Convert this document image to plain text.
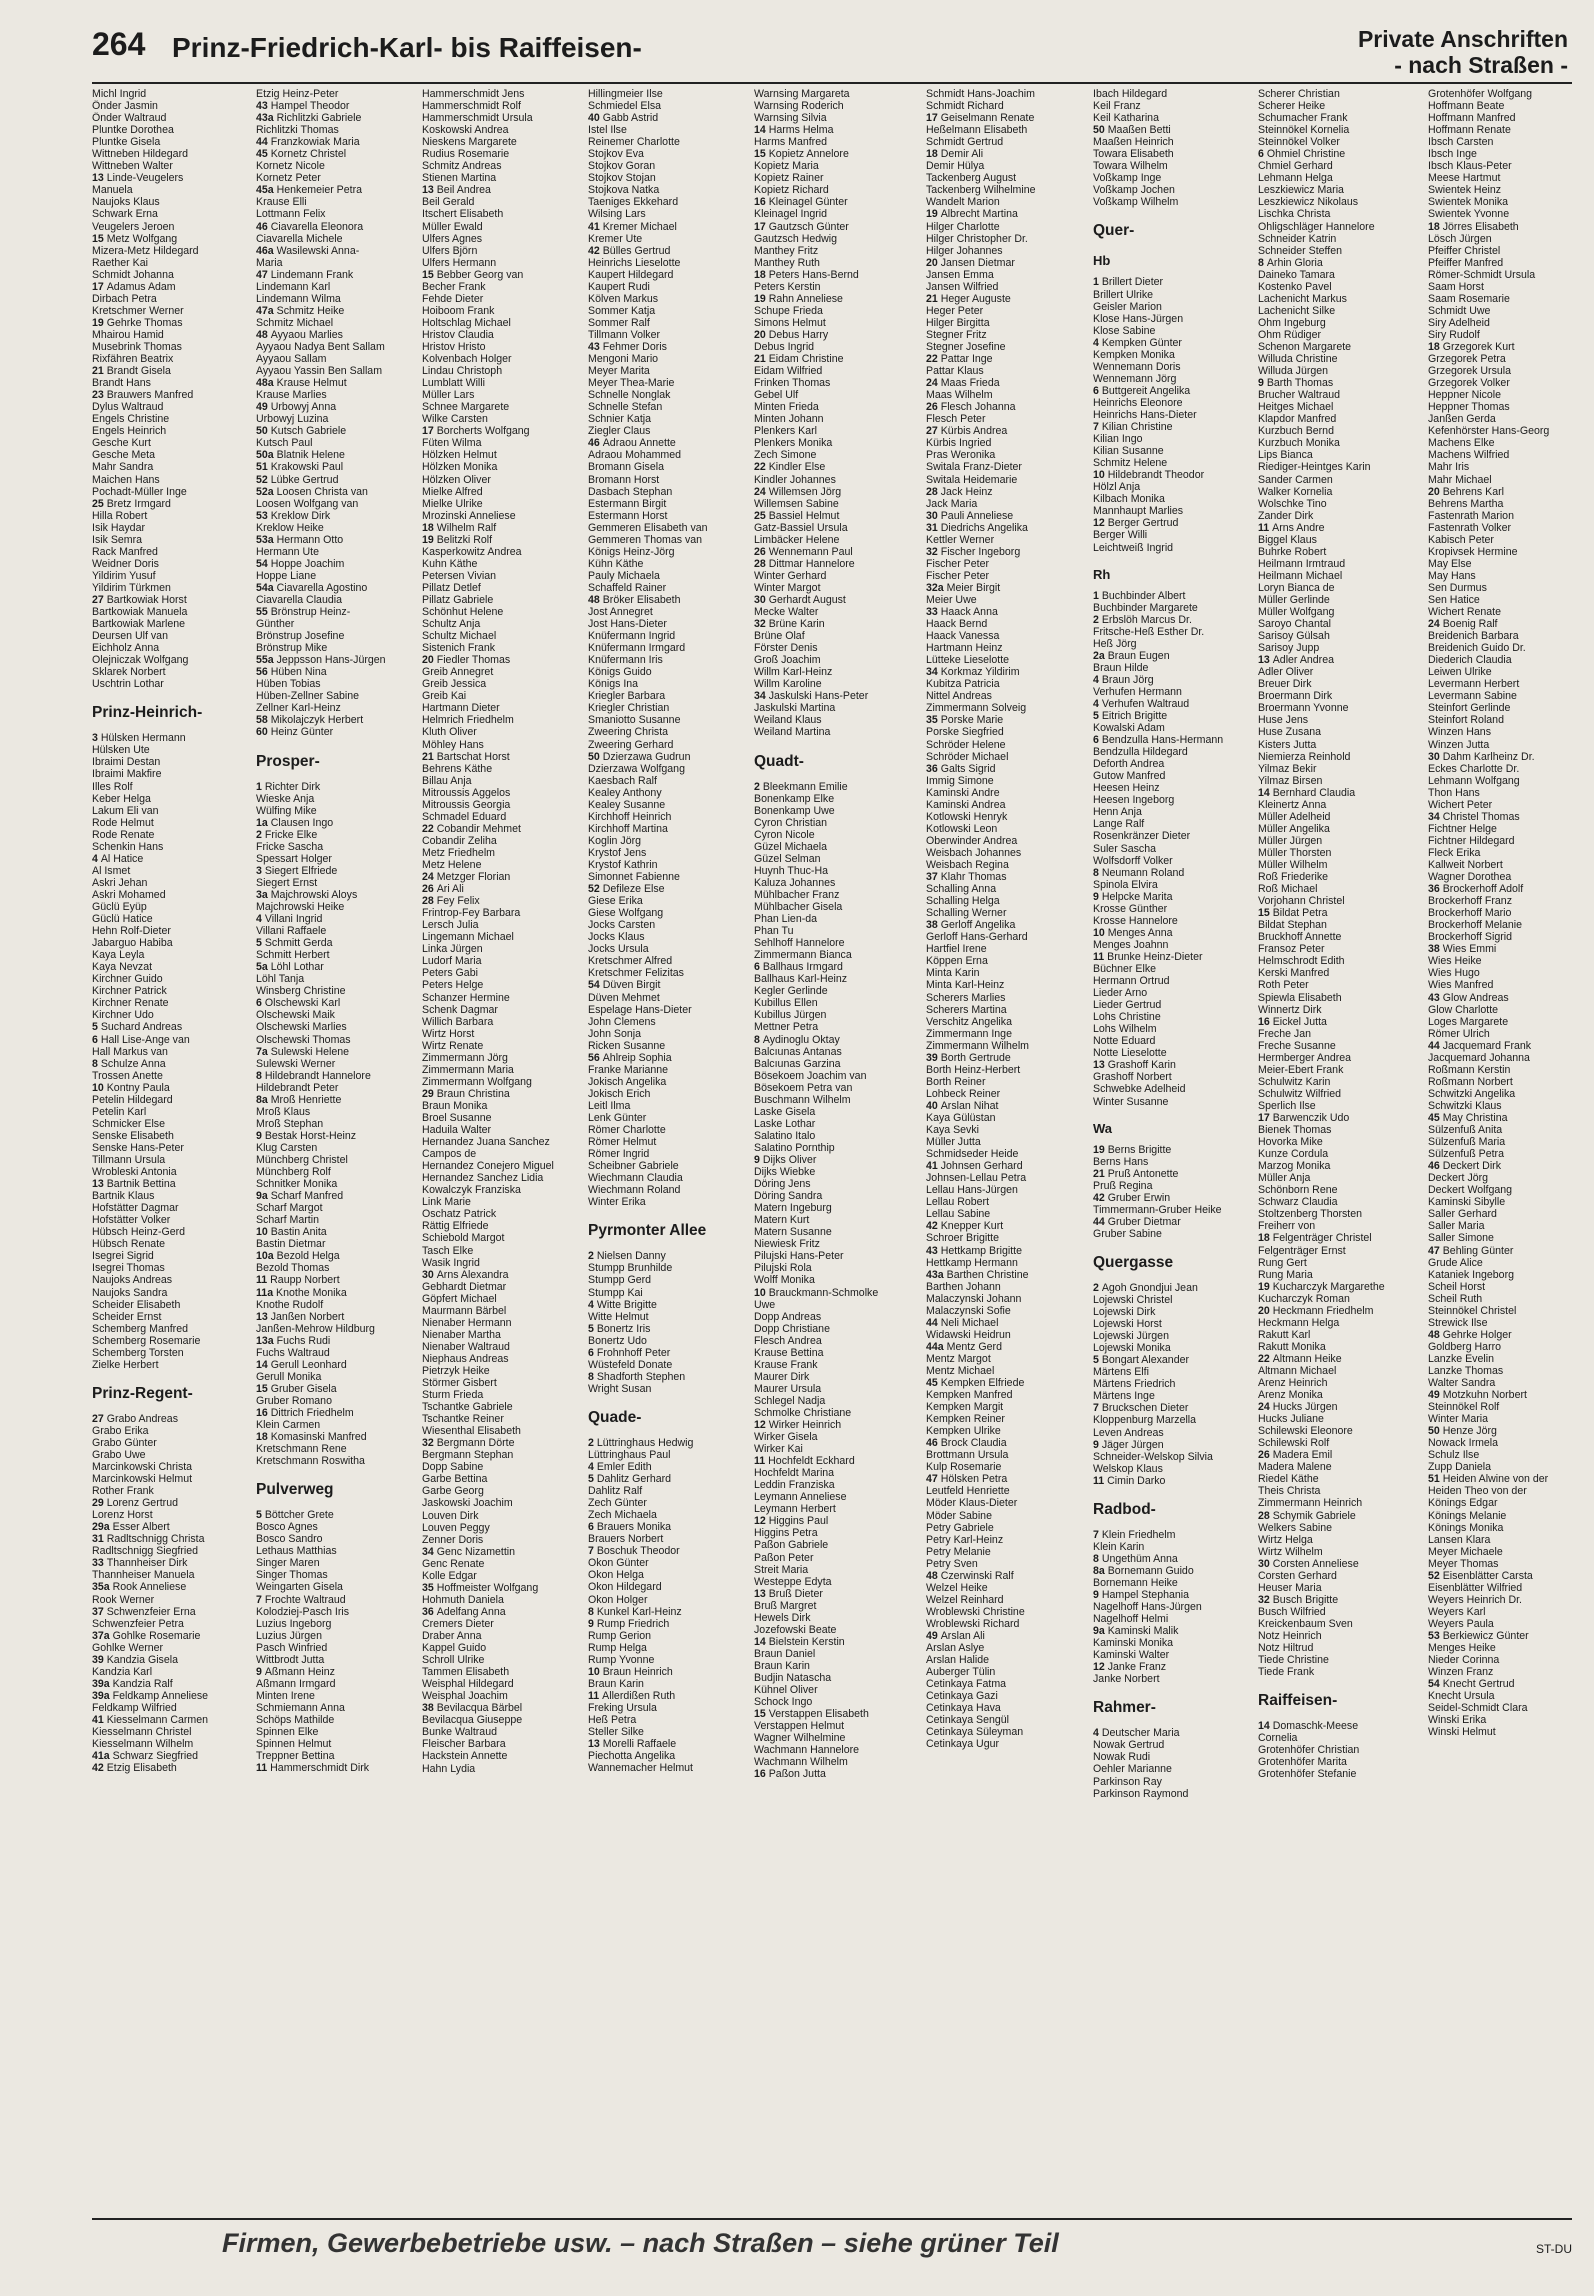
264 Prinz-Friedrich-Karl- bis Raiffeisen-	Private Anschriften
- nach Straßen -
Michl Ingrid
Önder Jasmin
Önder Waltraud
Pluntke Dorothea
Pluntke Gisela
Wittneben Hildegard
Wittneben Walter
13 Linde-Veugelers
Manuela
Naujoks Klaus
Schwark Erna
Veugelers Jeroen
15 Metz Wolfgang
Mizera-Metz Hildegard
Raether Kai
Schmidt Johanna
17 Adamus Adam
Dirbach Petra
Kretschmer Werner
19 Gehrke Thomas
Mhairou Hamid
Musebrink Thomas
Rixfähren Beatrix
21 Brandt Gisela
Brandt Hans
23 Brauwers Manfred
Dylus Waltraud
Engels Christine
Engels Heinrich
Gesche Kurt
Gesche Meta
Mahr Sandra
Maichen Hans
Pochadt-Müller Inge
25 Bretz Irmgard
Hilla Robert
Isik Haydar
Isik Semra
Rack Manfred
Weidner Doris
Yildirim Yusuf
Yildirim Türkmen
27 Bartkowiak Horst
Bartkowiak Manuela
Bartkowiak Marlene
Deursen Ulf van
Eichholz Anna
Olejniczak Wolfgang
Sklarek Norbert
Uschtrin Lothar
Prinz-Heinrich-
3 Hülsken Hermann
Hülsken Ute
Ibraimi Destan
Ibraimi Makfire
Illes Rolf
Keber Helga
Lakum Eli van
Rode Helmut
Rode Renate
Schenkin Hans
4 Al Hatice
Al Ismet
Askri Jehan
Askri Mohamed
Güclü Eyüp
Güclü Hatice
Hehn Rolf-Dieter
Jabarguo Habiba
Kaya Leyla
Kaya Nevzat
Kirchner Guido
Kirchner Patrick
Kirchner Renate
Kirchner Udo
5 Suchard Andreas
6 Hall Lise-Ange van
Hall Markus van
8 Schulze Anna
Trossen Anette
10 Kontny Paula
Petelin Hildegard
Petelin Karl
Schmicker Else
Senske Elisabeth
Senske Hans-Peter
Tillmann Ursula
Wrobleski Antonia
13 Bartnik Bettina
Bartnik Klaus
Hofstätter Dagmar
Hofstätter Volker
Hübsch Heinz-Gerd
Hübsch Renate
Isegrei Sigrid
Isegrei Thomas
Naujoks Andreas
Naujoks Sandra
Scheider Elisabeth
Scheider Ernst
Schemberg Manfred
Schemberg Rosemarie
Schemberg Torsten
Zielke Herbert
Prinz-Regent-
27 Grabo Andreas
Grabo Erika
Grabo Günter
Grabo Uwe
Marcinkowski Christa
Marcinkowski Helmut
Rother Frank
29 Lorenz Gertrud
Lorenz Horst
29a Esser Albert
31 Radltschnigg Christa
Radltschnigg Siegfried
33 Thannheiser Dirk
Thannheiser Manuela
35a Rook Anneliese
Rook Werner
37 Schwenzfeier Erna
Schwenzfeier Petra
37a Gohlke Rosemarie
Gohlke Werner
39 Kandzia Gisela
Kandzia Karl
39a Kandzia Ralf
39a Feldkamp Anneliese
Feldkamp Wilfried
41 Kiesselmann Carmen
Kiesselmann Christel
Kiesselmann Wilhelm
41a Schwarz Siegfried
42 Etzig Elisabeth
Etzig Heinz-Peter
43 Hampel Theodor
43a Richlitzki Gabriele
Richlitzki Thomas
44 Franzkowiak Maria
45 Kornetz Christel
Kornetz Nicole
Kornetz Peter
45a Henkemeier Petra
Krause Elli
Lottmann Felix
46 Ciavarella Eleonora
Ciavarella Michele
46a Wasilewski Anna-
Maria
47 Lindemann Frank
Lindemann Karl
Lindemann Wilma
47a Schmitz Heike
Schmitz Michael
48 Ayyaou Marlies
Ayyaou Nadya Bent Sallam
Ayyaou Sallam
Ayyaou Yassin Ben Sallam
48a Krause Helmut
Krause Marlies
49 Urbowyj Anna
Urbowyj Luzina
50 Kutsch Gabriele
Kutsch Paul
50a Blatnik Helene
51 Krakowski Paul
52 Lübke Gertrud
52a Loosen Christa van
Loosen Wolfgang van
53 Kreklow Dirk
Kreklow Heike
53a Hermann Otto
Hermann Ute
54 Hoppe Joachim
Hoppe Liane
54a Ciavarella Agostino
Ciavarella Claudia
55 Brönstrup Heinz-
Günther
Brönstrup Josefine
Brönstrup Mike
55a Jeppsson Hans-Jürgen
56 Hüben Nina
Hüben Tobias
Hüben-Zellner Sabine
Zellner Karl-Heinz
58 Mikolajczyk Herbert
60 Heinz Günter
Prosper-
1 Richter Dirk
Wieske Anja
Wülfing Mike
1a Clausen Ingo
2 Fricke Elke
Fricke Sascha
Spessart Holger
3 Siegert Elfriede
Siegert Ernst
3a Majchrowski Aloys
Majchrowski Heike
4 Villani Ingrid
Villani Raffaele
5 Schmitt Gerda
Schmitt Herbert
5a Löhl Lothar
Löhl Tanja
Winsberg Christine
6 Olschewski Karl
Olschewski Maik
Olschewski Marlies
Olschewski Thomas
7a Sulewski Helene
Sulewski Werner
8 Hildebrandt Hannelore
Hildebrandt Peter
8a Mroß Henriette
Mroß Klaus
Mroß Stephan
9 Bestak Horst-Heinz
Klug Carsten
Münchberg Christel
Münchberg Rolf
Schnitker Monika
9a Scharf Manfred
Scharf Margot
Scharf Martin
10 Bastin Anita
Bastin Dietmar
10a Bezold Helga
Bezold Thomas
11 Raupp Norbert
11a Knothe Monika
Knothe Rudolf
13 Janßen Norbert
Janßen-Mehrow Hildburg
13a Fuchs Rudi
Fuchs Waltraud
14 Gerull Leonhard
Gerull Monika
15 Gruber Gisela
Gruber Romano
16 Dittrich Friedhelm
Klein Carmen
18 Komasinski Manfred
Kretschmann Rene
Kretschmann Roswitha
Pulverweg
5 Böttcher Grete
Bosco Agnes
Bosco Sandro
Lethaus Matthias
Singer Maren
Singer Thomas
Weingarten Gisela
7 Frochte Waltraud
Kolodziej-Pasch Iris
Luzius Ingeborg
Luzius Jürgen
Pasch Winfried
Wittbrodt Jutta
9 Aßmann Heinz
Aßmann Irmgard
Minten Irene
Schmiemann Anna
Schöps Mathilde
Spinnen Elke
Spinnen Helmut
Treppner Bettina
11 Hammerschmidt Dirk
Hammerschmidt Jens
Hammerschmidt Rolf
Hammerschmidt Ursula
Koskowski Andrea
Nieskens Margarete
Rudius Rosemarie
Schmitz Andreas
Stienen Martina
13 Beil Andrea
Beil Gerald
Itschert Elisabeth
Müller Ewald
Ulfers Agnes
Ulfers Björn
Ulfers Hermann
15 Bebber Georg van
Becher Frank
Fehde Dieter
Hoiboom Frank
Holtschlag Michael
Hristov Claudia
Hristov Hristo
Kolvenbach Holger
Lindau Christoph
Lumblatt Willi
Müller Lars
Schnee Margarete
Wilke Carsten
17 Borcherts Wolfgang
Füten Wilma
Hölzken Helmut
Hölzken Monika
Hölzken Oliver
Mielke Alfred
Mielke Ulrike
Mrozinski Anneliese
18 Wilhelm Ralf
19 Belitzki Rolf
Kasperkowitz Andrea
Kuhn Käthe
Petersen Vivian
Pillatz Detlef
Pillatz Gabriele
Schönhut Helene
Schultz Anja
Schultz Michael
Sistenich Frank
20 Fiedler Thomas
Greib Annegret
Greib Jessica
Greib Kai
Hartmann Dieter
Helmrich Friedhelm
Kluth Oliver
Möhley Hans
21 Bartschat Horst
Behrens Käthe
Billau Anja
Mitroussis Aggelos
Mitroussis Georgia
Schmadel Eduard
22 Cobandir Mehmet
Cobandir Zeliha
Metz Friedhelm
Metz Helene
24 Metzger Florian
26 Ari Ali
28 Fey Felix
Frintrop-Fey Barbara
Lersch Julia
Lingemann Michael
Linka Jürgen
Ludorf Maria
Peters Gabi
Peters Helge
Schanzer Hermine
Schenk Dagmar
Willich Barbara
Wirtz Horst
Wirtz Renate
Zimmermann Jörg
Zimmermann Maria
Zimmermann Wolfgang
29 Braun Christina
Braun Monika
Broel Susanne
Haduila Walter
Hernandez Juana Sanchez
Campos de
Hernandez Conejero Miguel
Hernandez Sanchez Lidia
Kowalczyk Franziska
Link Marie
Oschatz Patrick
Rättig Elfriede
Schiebold Margot
Tasch Elke
Wasik Ingrid
30 Arns Alexandra
Gebhardt Dietmar
Göpfert Michael
Maurmann Bärbel
Nienaber Hermann
Nienaber Martha
Nienaber Waltraud
Niephaus Andreas
Pietrzyk Heike
Störmer Gisbert
Sturm Frieda
Tschantke Gabriele
Tschantke Reiner
Wiesenthal Elisabeth
32 Bergmann Dörte
Bergmann Stephan
Dopp Sabine
Garbe Bettina
Garbe Georg
Jaskowski Joachim
Louven Dirk
Louven Peggy
Zenner Doris
34 Genc Nizamettin
Genc Renate
Kolle Edgar
35 Hoffmeister Wolfgang
Hohmuth Daniela
36 Adelfang Anna
Cremers Dieter
Draber Anna
Kappel Guido
Schroll Ulrike
Tammen Elisabeth
Weisphal Hildegard
Weisphal Joachim
38 Bevilacqua Bärbel
Bevilacqua Giuseppe
Bunke Waltraud
Fleischer Barbara
Hackstein Annette
Hahn Lydia
Hillingmeier Ilse
Schmiedel Elsa
40 Gabb Astrid
Istel Ilse
Reinemer Charlotte
Stojkov Eva
Stojkov Goran
Stojkov Stojan
Stojkova Natka
Taeniges Ekkehard
Wilsing Lars
41 Kremer Michael
Kremer Ute
42 Bülles Gertrud
Heinrichs Lieselotte
Kaupert Hildegard
Kaupert Rudi
Kölven Markus
Sommer Katja
Sommer Ralf
Tillmann Volker
43 Fehmer Doris
Mengoni Mario
Meyer Marita
Meyer Thea-Marie
Schnelle Nonglak
Schnelle Stefan
Schnier Katja
Ziegler Claus
46 Adraou Annette
Adraou Mohammed
Bromann Gisela
Bromann Horst
Dasbach Stephan
Estermann Birgit
Estermann Horst
Gemmeren Elisabeth van
Gemmeren Thomas van
Königs Heinz-Jörg
Kühn Käthe
Pauly Michaela
Schaffeld Rainer
48 Bröker Elisabeth
Jost Annegret
Jost Hans-Dieter
Knüfermann Ingrid
Knüfermann Irmgard
Knüfermann Iris
Königs Guido
Königs Ina
Kriegler Barbara
Kriegler Christian
Smaniotto Susanne
Zweering Christa
Zweering Gerhard
50 Dzierzawa Gudrun
Dzierzawa Wolfgang
Kaesbach Ralf
Kealey Anthony
Kealey Susanne
Kirchhoff Heinrich
Kirchhoff Martina
Koglin Jörg
Krystof Jens
Krystof Kathrin
Simonnet Fabienne
52 Defileze Else
Giese Erika
Giese Wolfgang
Jocks Carsten
Jocks Klaus
Jocks Ursula
Kretschmer Alfred
Kretschmer Felizitas
54 Düven Birgit
Düven Mehmet
Espelage Hans-Dieter
John Clemens
John Sonja
Ricken Susanne
56 Ahlreip Sophia
Franke Marianne
Jokisch Angelika
Jokisch Erich
Leitl Ilma
Lenk Günter
Römer Charlotte
Römer Helmut
Römer Ingrid
Scheibner Gabriele
Wiechmann Claudia
Wiechmann Roland
Winter Erika
Pyrmonter Allee
2 Nielsen Danny
Stumpp Brunhilde
Stumpp Gerd
Stumpp Kai
4 Witte Brigitte
Witte Helmut
5 Bonertz Iris
Bonertz Udo
6 Frohnhoff Peter
Wüstefeld Donate
8 Shadforth Stephen
Wright Susan
Quade-
2 Lüttringhaus Hedwig
Lüttringhaus Paul
4 Emler Edith
5 Dahlitz Gerhard
Dahlitz Ralf
Zech Günter
Zech Michaela
6 Brauers Monika
Brauers Norbert
7 Boschuk Theodor
Okon Günter
Okon Helga
Okon Hildegard
Okon Holger
8 Kunkel Karl-Heinz
9 Rump Friedrich
Rump Gerion
Rump Helga
Rump Yvonne
10 Braun Heinrich
Braun Karin
11 Allerdißen Ruth
Freking Ursula
Heß Petra
Steller Silke
13 Morelli Raffaele
Piechotta Angelika
Wannemacher Helmut
Warnsing Margareta
Warnsing Roderich
Warnsing Silvia
14 Harms Helma
Harms Manfred
15 Kopietz Annelore
Kopietz Maria
Kopietz Rainer
Kopietz Richard
16 Kleinagel Günter
Kleinagel Ingrid
17 Gautzsch Günter
Gautzsch Hedwig
Manthey Fritz
Manthey Ruth
18 Peters Hans-Bernd
Peters Kerstin
19 Rahn Anneliese
Schupe Frieda
Simons Helmut
20 Debus Harry
Debus Ingrid
21 Eidam Christine
Eidam Wilfried
Frinken Thomas
Gebel Ulf
Minten Frieda
Minten Johann
Plenkers Karl
Plenkers Monika
Zech Simone
22 Kindler Else
Kindler Johannes
24 Willemsen Jörg
Willemsen Sabine
25 Bassiel Helmut
Gatz-Bassiel Ursula
Limbäcker Helene
26 Wennemann Paul
28 Dittmar Hannelore
Winter Gerhard
Winter Margot
30 Gerhardt August
Mecke Walter
32 Brüne Karin
Brüne Olaf
Förster Denis
Groß Joachim
Willm Karl-Heinz
Willm Karoline
34 Jaskulski Hans-Peter
Jaskulski Martina
Weiland Klaus
Weiland Martina
Quadt-
2 Bleekmann Emilie
Bonenkamp Elke
Bonenkamp Uwe
Cyron Christian
Cyron Nicole
Güzel Michaela
Güzel Selman
Huynh Thuc-Ha
Kaluza Johannes
Mühlbacher Franz
Mühlbacher Gisela
Phan Lien-da
Phan Tu
Sehlhoff Hannelore
Zimmermann Bianca
6 Ballhaus Irmgard
Ballhaus Karl-Heinz
Kegler Gerlinde
Kubillus Ellen
Kubillus Jürgen
Mettner Petra
8 Aydinoglu Oktay
Balcıunas Antanas
Balcıunas Garzina
Bösekoem Joachim van
Bösekoem Petra van
Buschmann Wilhelm
Laske Gisela
Laske Lothar
Salatino Italo
Salatino Pornthip
9 Dijks Oliver
Dijks Wiebke
Döring Jens
Döring Sandra
Matern Ingeburg
Matern Kurt
Matern Susanne
Niewiesk Fritz
Pilujski Hans-Peter
Pilujski Rola
Wolff Monika
10 Brauckmann-Schmolke
Uwe
Dopp Andreas
Dopp Christiane
Flesch Andrea
Krause Bettina
Krause Frank
Maurer Dirk
Maurer Ursula
Schlegel Nadja
Schmolke Christiane
12 Wirker Heinrich
Wirker Gisela
Wirker Kai
11 Hochfeldt Eckhard
Hochfeldt Marina
Leddin Franziska
Leymann Anneliese
Leymann Herbert
12 Higgins Paul
Higgins Petra
Paßon Gabriele
Paßon Peter
Streit Maria
Westeppe Edyta
13 Bruß Dieter
Bruß Margret
Hewels Dirk
Jozefowski Beate
14 Bielstein Kerstin
Braun Daniel
Braun Karin
Budjin Natascha
Kühnel Oliver
Schock Ingo
15 Verstappen Elisabeth
Verstappen Helmut
Wagner Wilhelmine
Wachmann Hannelore
Wachmann Wilhelm
16 Paßon Jutta
Schmidt Hans-Joachim
Schmidt Richard
17 Geiselmann Renate
Heßelmann Elisabeth
Schmidt Gertrud
18 Demir Ali
Demir Hülya
Tackenberg August
Tackenberg Wilhelmine
Wandelt Marion
19 Albrecht Martina
Hilger Charlotte
Hilger Christopher Dr.
Hilger Johannes
20 Jansen Dietmar
Jansen Emma
Jansen Wilfried
21 Heger Auguste
Heger Peter
Hilger Birgitta
Stegner Fritz
Stegner Josefine
22 Pattar Inge
Pattar Klaus
24 Maas Frieda
Maas Wilhelm
26 Flesch Johanna
Flesch Peter
27 Kürbis Andrea
Kürbis Ingried
Pras Weronika
Switala Franz-Dieter
Switala Heidemarie
28 Jack Heinz
Jack Maria
30 Pauli Anneliese
31 Diedrichs Angelika
Kettler Werner
32 Fischer Ingeborg
Fischer Peter
Fischer Peter
32a Meier Birgit
Meier Uwe
33 Haack Anna
Haack Bernd
Haack Vanessa
Hartmann Heinz
Lütteke Lieselotte
34 Korkmaz Yildirim
Kubitza Patricia
Nittel Andreas
Zimmermann Solveig
35 Porske Marie
Porske Siegfried
Schröder Helene
Schröder Michael
36 Galts Sigrid
Immig Simone
Kaminski Andre
Kaminski Andrea
Kotlowski Henryk
Kotlowski Leon
Oberwinder Andrea
Weisbach Johannes
Weisbach Regina
37 Klahr Thomas
Schalling Anna
Schalling Helga
Schalling Werner
38 Gerloff Angelika
Gerloff Hans-Gerhard
Hartfiel Irene
Köppen Erna
Minta Karin
Minta Karl-Heinz
Scherers Marlies
Scherers Martina
Verschitz Angelika
Zimmermann Inge
Zimmermann Wilhelm
39 Borth Gertrude
Borth Heinz-Herbert
Borth Reiner
Lohbeck Reiner
40 Arslan Nihat
Kaya Gülüstan
Kaya Sevki
Müller Jutta
Schmidseder Heide
41 Johnsen Gerhard
Johnsen-Lellau Petra
Lellau Hans-Jürgen
Lellau Robert
Lellau Sabine
42 Knepper Kurt
Schroer Brigitte
43 Hettkamp Brigitte
Hettkamp Hermann
43a Barthen Christine
Barthen Johann
Malaczynski Johann
Malaczynski Sofie
44 Neli Michael
Widawski Heidrun
44a Mentz Gerd
Mentz Margot
Mentz Michael
45 Kempken Elfriede
Kempken Manfred
Kempken Margit
Kempken Reiner
Kempken Ulrike
46 Brock Claudia
Brottmann Ursula
Kulp Rosemarie
47 Hölsken Petra
Leutfeld Henriette
Möder Klaus-Dieter
Möder Sabine
Petry Gabriele
Petry Karl-Heinz
Petry Melanie
Petry Sven
48 Czerwinski Ralf
Welzel Heike
Welzel Reinhard
Wroblewski Christine
Wroblewski Richard
49 Arslan Ali
Arslan Aslye
Arslan Halide
Auberger Tülin
Cetinkaya Fatma
Cetinkaya Gazi
Cetinkaya Hava
Cetinkaya Sengül
Cetinkaya Süleyman
Cetinkaya Ugur
Ibach Hildegard
Keil Franz
Keil Katharina
50 Maaßen Betti
Maaßen Heinrich
Towara Elisabeth
Towara Wilhelm
Voßkamp Inge
Voßkamp Jochen
Voßkamp Wilhelm
Quer-
Hb
1 Brillert Dieter
Brillert Ulrike
Geisler Marion
Klose Hans-Jürgen
Klose Sabine
4 Kempken Günter
Kempken Monika
Wennemann Doris
Wennemann Jörg
6 Buttgereit Angelika
Heinrichs Eleonore
Heinrichs Hans-Dieter
7 Kilian Christine
Kilian Ingo
Kilian Susanne
Schmitz Helene
10 Hildebrandt Theodor
Hölzl Anja
Kilbach Monika
Mannhaupt Marlies
12 Berger Gertrud
Berger Willi
Leichtweiß Ingrid
Rh
1 Buchbinder Albert
Buchbinder Margarete
2 Erbslöh Marcus Dr.
Fritsche-Heß Esther Dr.
Heß Jörg
2a Braun Eugen
Braun Hilde
4 Braun Jörg
Verhufen Hermann
4 Verhufen Waltraud
5 Eitrich Brigitte
Kowalski Adam
6 Bendzulla Hans-Hermann
Bendzulla Hildegard
Deforth Andrea
Gutow Manfred
Heesen Heinz
Heesen Ingeborg
Henn Anja
Lange Ralf
Rosenkränzer Dieter
Suler Sascha
Wolfsdorff Volker
8 Neumann Roland
Spinola Elvira
9 Helpcke Marita
Krosse Günther
Krosse Hannelore
10 Menges Anna
Menges Joahnn
11 Brunke Heinz-Dieter
Büchner Elke
Hermann Ortrud
Lieder Arno
Lieder Gertrud
Lohs Christine
Lohs Wilhelm
Notte Eduard
Notte Lieselotte
13 Grashoff Karin
Grashoff Norbert
Schwebke Adelheid
Winter Susanne
Wa
19 Berns Brigitte
Berns Hans
21 Pruß Antonette
Pruß Regina
42 Gruber Erwin
Timmermann-Gruber Heike
44 Gruber Dietmar
Gruber Sabine
Quergasse
2 Agoh Gnondjui Jean
Lojewski Christel
Lojewski Dirk
Lojewski Horst
Lojewski Jürgen
Lojewski Monika
5 Bongart Alexander
Märtens Elfi
Märtens Friedrich
Märtens Inge
7 Bruckschen Dieter
Kloppenburg Marzella
Leven Andreas
9 Jäger Jürgen
Schneider-Welskop Silvia
Welskop Klaus
11 Cimin Darko
Radbod-
7 Klein Friedhelm
Klein Karin
8 Ungethüm Anna
8a Bornemann Guido
Bornemann Heike
9 Hampel Stephania
Nagelhoff Hans-Jürgen
Nagelhoff Helmi
9a Kaminski Malik
Kaminski Monika
Kaminski Walter
12 Janke Franz
Janke Norbert
Rahmer-
4 Deutscher Maria
Nowak Gertrud
Nowak Rudi
Oehler Marianne
Parkinson Ray
Parkinson Raymond
Scherer Christian
Scherer Heike
Schumacher Frank
Steinnökel Kornelia
Steinnökel Volker
6 Ohmiel Christine
Chmiel Gerhard
Lehmann Helga
Leszkiewicz Maria
Leszkiewicz Nikolaus
Lischka Christa
Ohligschläger Hannelore
Schneider Katrin
Schneider Steffen
8 Arhin Gloria
Daineko Tamara
Kostenko Pavel
Lachenicht Markus
Lachenicht Silke
Ohm Ingeburg
Ohm Rüdiger
Schenon Margarete
Willuda Christine
Willuda Jürgen
9 Barth Thomas
Brucher Waltraud
Heitges Michael
Klapdor Manfred
Kurzbuch Bernd
Kurzbuch Monika
Lips Bianca
Riediger-Heintges Karin
Sander Carmen
Walker Kornelia
Wolschke Tino
Zander Dirk
11 Arns Andre
Biggel Klaus
Buhrke Robert
Heilmann Irmtraud
Heilmann Michael
Loryn Bianca de
Müller Gerlinde
Müller Wolfgang
Saroyo Chantal
Sarisoy Gülsah
Sarisoy Jupp
13 Adler Andrea
Adler Oliver
Breuer Dirk
Broermann Dirk
Broermann Yvonne
Huse Jens
Huse Zusana
Kisters Jutta
Niemierza Reinhold
Yilmaz Bekir
Yilmaz Birsen
14 Bernhard Claudia
Kleinertz Anna
Müller Adelheid
Müller Angelika
Müller Jürgen
Müller Thorsten
Müller Wilhelm
Roß Friederike
Roß Michael
Vorjohann Christel
15 Bildat Petra
Bildat Stephan
Bruckhoff Annette
Fransoz Peter
Helmschrodt Edith
Kerski Manfred
Roth Peter
Spiewla Elisabeth
Winnertz Dirk
16 Eickel Jutta
Freche Jan
Freche Susanne
Hermberger Andrea
Meier-Ebert Frank
Schulwitz Karin
Schulwitz Wilfried
Sperlich Ilse
17 Barwenczik Udo
Bienek Thomas
Hovorka Mike
Kunze Cordula
Marzog Monika
Müller Anja
Schönborn Rene
Schwarz Claudia
Stoltzenberg Thorsten
Freiherr von
18 Felgenträger Christel
Felgenträger Ernst
Rung Gert
Rung Maria
19 Kucharczyk Margarethe
Kucharczyk Roman
20 Heckmann Friedhelm
Heckmann Helga
Rakutt Karl
Rakutt Monika
22 Altmann Heike
Altmann Michael
Arenz Heinrich
Arenz Monika
24 Hucks Jürgen
Hucks Juliane
Schilewski Eleonore
Schilewski Rolf
26 Madera Emil
Madera Malene
Riedel Käthe
Theis Christa
Zimmermann Heinrich
28 Schymik Gabriele
Welkers Sabine
Wirtz Helga
Wirtz Wilhelm
30 Corsten Anneliese
Corsten Gerhard
Heuser Maria
32 Busch Brigitte
Busch Wilfried
Kreickenbaum Sven
Notz Heinrich
Notz Hiltrud
Tiede Christine
Tiede Frank
Raiffeisen-
14 Domaschk-Meese
Cornelia
Grotenhöfer Christian
Grotenhöfer Marita
Grotenhöfer Stefanie
Grotenhöfer Wolfgang
Hoffmann Beate
Hoffmann Manfred
Hoffmann Renate
Ibsch Carsten
Ibsch Inge
Ibsch Klaus-Peter
Meese Hartmut
Swientek Heinz
Swientek Monika
Swientek Yvonne
18 Jörres Elisabeth
Lösch Jürgen
Pfeiffer Christel
Pfeiffer Manfred
Römer-Schmidt Ursula
Saam Horst
Saam Rosemarie
Schmidt Uwe
Siry Adelheid
Siry Rudolf
18 Grzegorek Kurt
Grzegorek Petra
Grzegorek Ursula
Grzegorek Volker
Heppner Nicole
Heppner Thomas
Janßen Gerda
Kefenhörster Hans-Georg
Machens Elke
Machens Wilfried
Mahr Iris
Mahr Michael
20 Behrens Karl
Behrens Martha
Fastenrath Marion
Fastenrath Volker
Kabisch Peter
Kropivsek Hermine
May Else
May Hans
Sen Durmus
Sen Hatice
Wichert Renate
24 Boenig Ralf
Breidenich Barbara
Breidenich Guido Dr.
Diederich Claudia
Leiwen Ulrike
Levermann Herbert
Levermann Sabine
Steinfort Gerlinde
Steinfort Roland
Winzen Hans
Winzen Jutta
30 Dahm Karlheinz Dr.
Eckes Charlotte Dr.
Lehmann Wolfgang
Thon Hans
Wichert Peter
34 Christel Thomas
Fichtner Helge
Fichtner Hildegard
Fleck Erika
Kallweit Norbert
Wagner Dorothea
36 Brockerhoff Adolf
Brockerhoff Franz
Brockerhoff Mario
Brockerhoff Melanie
Brockerhoff Sigrid
38 Wies Emmi
Wies Heike
Wies Hugo
Wies Manfred
43 Glow Andreas
Glow Charlotte
Loges Margarete
Römer Ulrich
44 Jacquemard Frank
Jacquemard Johanna
Roßmann Kerstin
Roßmann Norbert
Schwitzki Angelika
Schwitzki Klaus
45 May Christina
Sülzenfuß Anita
Sülzenfuß Maria
Sülzenfuß Petra
46 Deckert Dirk
Deckert Jörg
Deckert Wolfgang
Kaminski Sibylle
Saller Gerhard
Saller Maria
Saller Simone
47 Behling Günter
Grude Alice
Kataniek Ingeborg
Scheil Horst
Scheil Ruth
Steinnökel Christel
Strewick Ilse
48 Gehrke Holger
Goldberg Harro
Lanzke Evelin
Lanzke Thomas
Walter Sandra
49 Motzkuhn Norbert
Steinnökel Rolf
Winter Maria
50 Henze Jörg
Nowack Irmela
Schulz Ilse
Zupp Daniela
51 Heiden Alwine von der
Heiden Theo von der
Könings Edgar
Könings Melanie
Könings Monika
Lansen Klara
Meyer Michaele
Meyer Thomas
52 Eisenblätter Carsta
Eisenblätter Wilfried
Weyers Heinrich Dr.
Weyers Karl
Weyers Paula
53 Berkiewicz Günter
Menges Heike
Nieder Corinna
Winzen Franz
54 Knecht Gertrud
Knecht Ursula
Seidel-Schmidt Clara
Winski Erika
Winski Helmut
Firmen, Gewerbebetriebe usw. – nach Straßen – siehe grüner Teil	ST-DU
